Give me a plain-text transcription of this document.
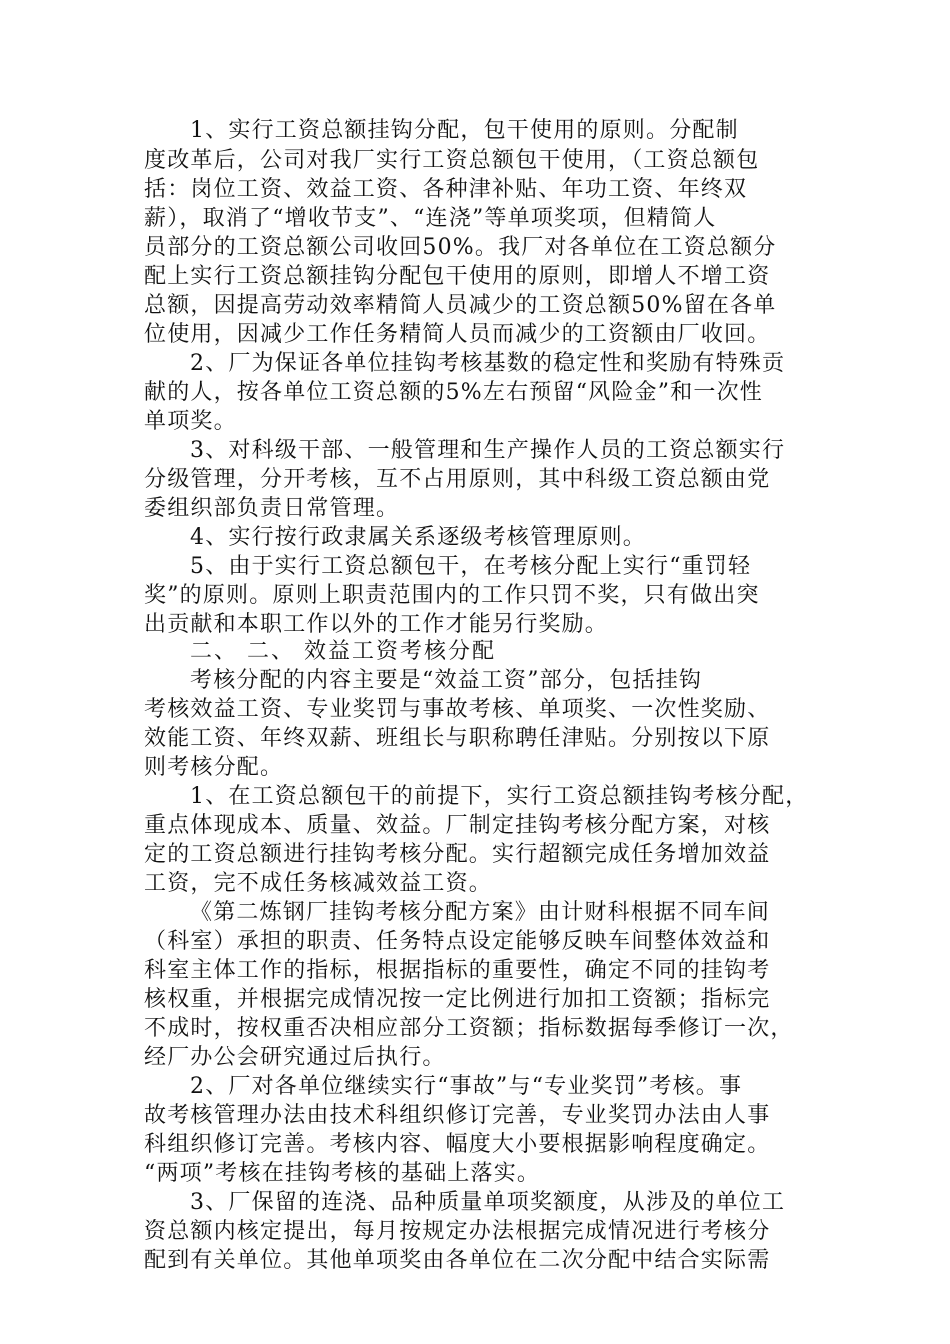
1、实行工资总额挂钩分配，包干使用的原则。分配制
度改革后，公司对我厂实行工资总额包干使用，（工资总额包
括：岗位工资、效益工资、各种津补贴、年功工资、年终双
薪），取消了“增收节支”、“连浇”等单项奖项，但精简人
员部分的工资总额公司收回50%。我厂对各单位在工资总额分
配上实行工资总额挂钩分配包干使用的原则，即增人不增工资
总额，因提高劳动效率精简人员减少的工资总额50%留在各单
位使用，因减少工作任务精简人员而减少的工资额由厂收回。
2、厂为保证各单位挂钩考核基数的稳定性和奖励有特殊贡
献的人，按各单位工资总额的5%左右预留“风险金”和一次性
单项奖。
3、对科级干部、一般管理和生产操作人员的工资总额实行
分级管理，分开考核，互不占用原则，其中科级工资总额由党
委组织部负责日常管理。
4、实行按行政隶属关系逐级考核管理原则。
5、由于实行工资总额包干，在考核分配上实行“重罚轻
奖”的原则。原则上职责范围内的工作只罚不奖，只有做出突
出贡献和本职工作以外的工作才能另行奖励。
二、 二、 效益工资考核分配
考核分配的内容主要是“效益工资”部分，包括挂钩
考核效益工资、专业奖罚与事故考核、单项奖、一次性奖励、
效能工资、年终双薪、班组长与职称聘任津贴。分别按以下原
则考核分配。
1、在工资总额包干的前提下，实行工资总额挂钩考核分配，
重点体现成本、质量、效益。厂制定挂钩考核分配方案，对核
定的工资总额进行挂钩考核分配。实行超额完成任务增加效益
工资，完不成任务核减效益工资。
《第二炼钢厂挂钩考核分配方案》由计财科根据不同车间
（科室）承担的职责、任务特点设定能够反映车间整体效益和
科室主体工作的指标，根据指标的重要性，确定不同的挂钩考
核权重，并根据完成情况按一定比例进行加扣工资额；指标完
不成时，按权重否决相应部分工资额；指标数据每季修订一次，
经厂办公会研究通过后执行。
2、厂对各单位继续实行“事故”与“专业奖罚”考核。事
故考核管理办法由技术科组织修订完善，专业奖罚办法由人事
科组织修订完善。考核内容、幅度大小要根据影响程度确定。
“两项”考核在挂钩考核的基础上落实。
3、厂保留的连浇、品种质量单项奖额度，从涉及的单位工
资总额内核定提出，每月按规定办法根据完成情况进行考核分
配到有关单位。其他单项奖由各单位在二次分配中结合实际需
